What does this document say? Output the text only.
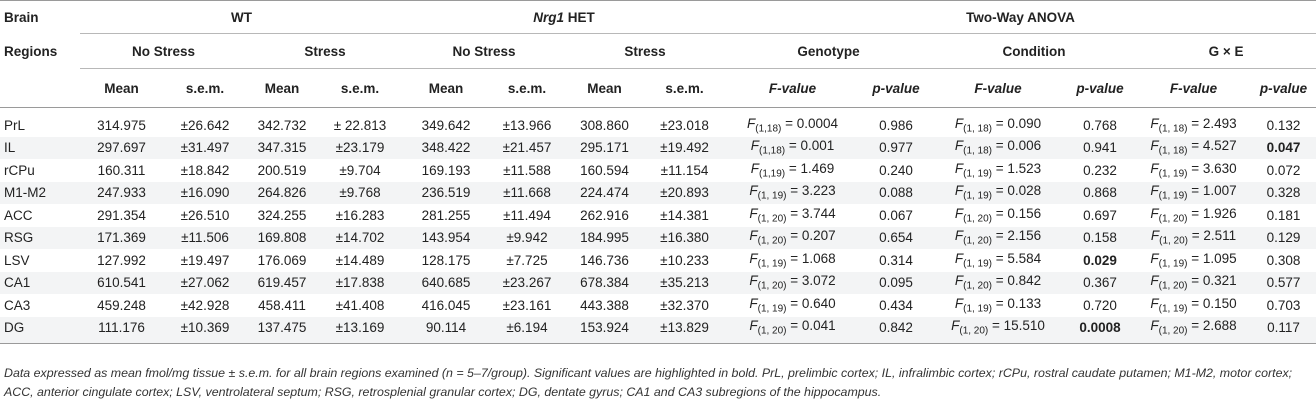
Brain	WT				Nrg1 HET				Two-Way ANOVA					
Regions	No Stress		Stress		No Stress		Stress		Genotype		Condition		G × E	
	Mean	s.e.m.	Mean	s.e.m.	Mean	s.e.m.	Mean	s.e.m.	F-value	p-value	F-value	p-value	F-value	p-value
PrL	314.975	±26.642	342.732	± 22.813	349.642	±13.966	308.860	±23.018	$F_{(1,18)} = 0.0004$	0.986	$F_{(1, 18)} = 0.090$	0.768	$F_{(1, 18)} = 2.493$	0.132
IL	297.697	±31.497	347.315	±23.179	348.422	±21.457	295.171	±19.492	$F_{(1,18)} = 0.001$	0.977	$F_{(1, 18)} = 0.006$	0.941	$F_{(1, 18)} = 4.527$	0.047
rCPu	160.311	±18.842	200.519	±9.704	169.193	±11.588	160.594	±11.154	$F_{(1,19)} = 1.469$	0.240	$F_{(1, 19)} = 1.523$	0.232	$F_{(1, 19)} = 3.630$	0.072
M1-M2	247.933	±16.090	264.826	±9.768	236.519	±11.668	224.474	±20.893	$F_{(1, 19)} = 3.223$	0.088	$F_{(1, 19)} = 0.028$	0.868	$F_{(1, 19)} = 1.007$	0.328
ACC	291.354	±26.510	324.255	±16.283	281.255	±11.494	262.916	±14.381	$F_{(1, 20)} = 3.744$	0.067	$F_{(1, 20)} = 0.156$	0.697	$F_{(1, 20)} = 1.926$	0.181
RSG	171.369	±11.506	169.808	±14.702	143.954	±9.942	184.995	±16.380	$F_{(1, 20)} = 0.207$	0.654	$F_{(1, 20)} = 2.156$	0.158	$F_{(1, 20)} = 2.511$	0.129
LSV	127.992	±19.497	176.069	±14.489	128.175	±7.725	146.736	±10.233	$F_{(1, 19)} = 1.068$	0.314	$F_{(1, 19)} = 5.584$	0.029	$F_{(1, 19)} = 1.095$	0.308
CA1	610.541	±27.062	619.457	±17.838	640.685	±23.267	678.384	±35.213	$F_{(1, 20)} = 3.072$	0.095	$F_{(1, 20)} = 0.842$	0.367	$F_{(1, 20)} = 0.321$	0.577
CA3	459.248	±42.928	458.411	±41.408	416.045	±23.161	443.388	±32.370	$F_{(1, 19)} = 0.640$	0.434	$F_{(1, 19)} = 0.133$	0.720	$F_{(1, 19)} = 0.150$	0.703
DG	111.176	±10.369	137.475	±13.169	90.114	±6.194	153.924	±13.829	$F_{(1, 20)} = 0.041$	0.842	$F_{(1, 20)} = 15.510$	0.0008	$F_{(1, 20)} = 2.688$	0.117
Data expressed as mean fmol/mg tissue ± s.e.m. for all brain regions examined (n = 5–7/group). Significant values are highlighted in bold. PrL, prelimbic cortex; IL, infralimbic cortex; rCPu, rostral caudate putamen; M1-M2, motor cortex; ACC, anterior cingulate cortex; LSV, ventrolateral septum; RSG, retrosplenial granular cortex; DG, dentate gyrus; CA1 and CA3 subregions of the hippocampus.
